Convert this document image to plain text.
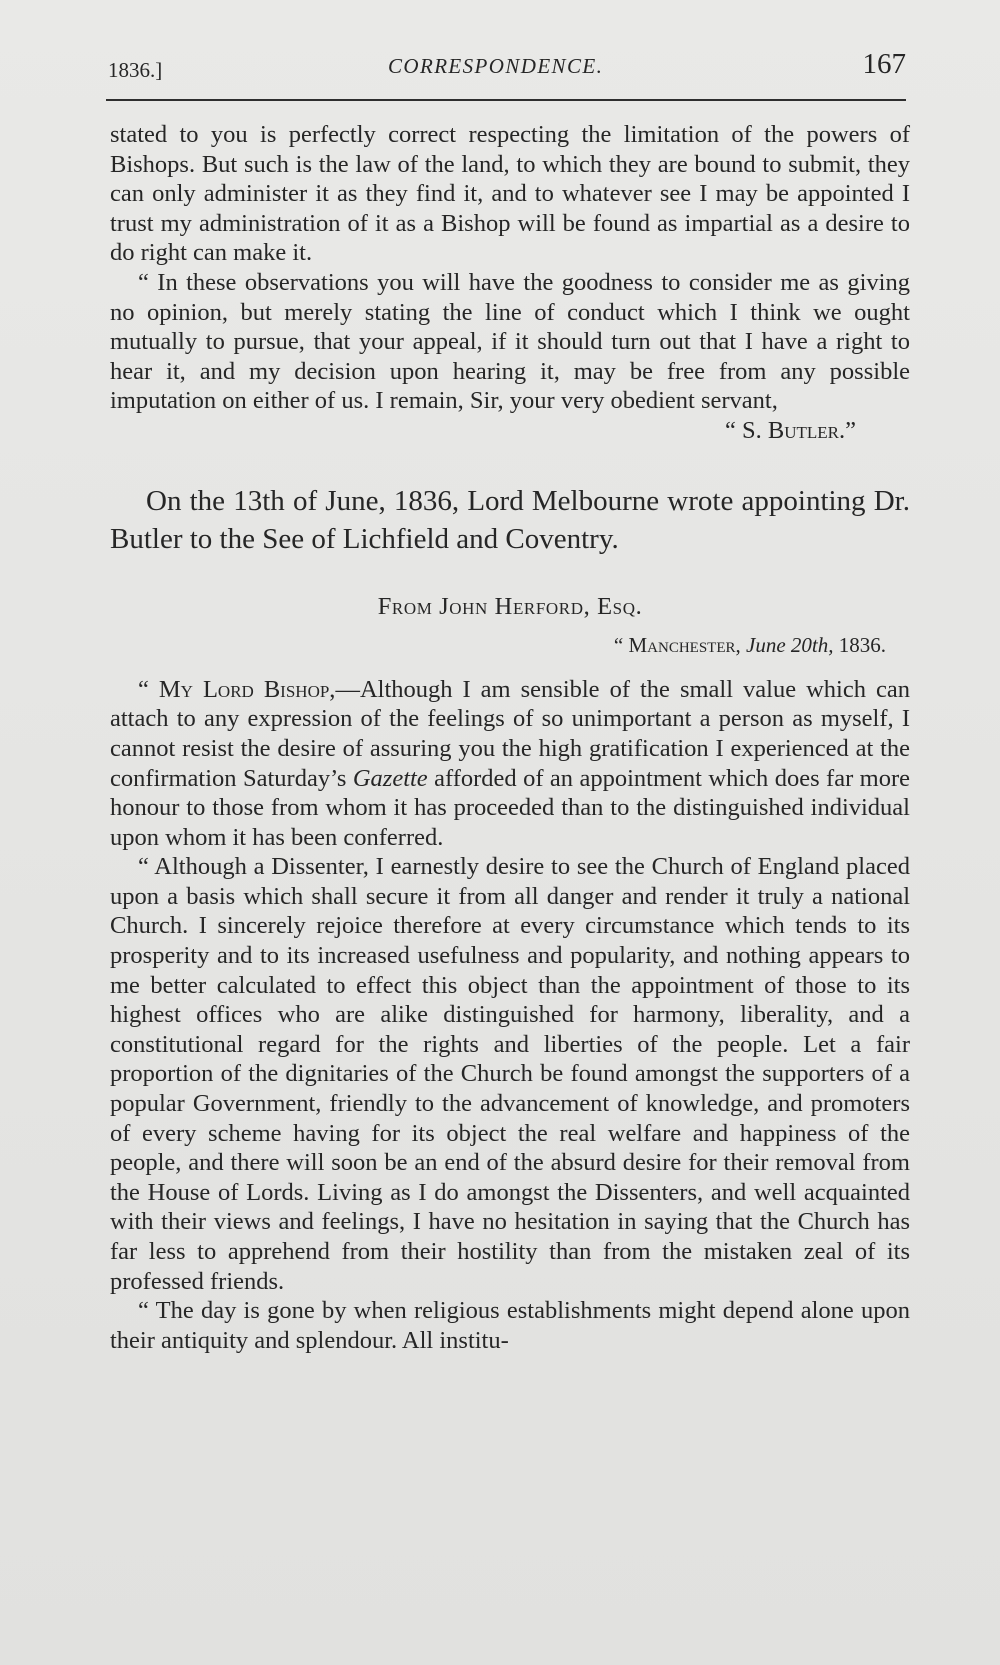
1836.]	CORRESPONDENCE.	167

stated to you is perfectly correct respecting the limitation of the powers of Bishops. But such is the law of the land, to which they are bound to submit, they can only administer it as they find it, and to whatever see I may be appointed I trust my administration of it as a Bishop will be found as impartial as a desire to do right can make it.

“ In these observations you will have the goodness to consider me as giving no opinion, but merely stating the line of conduct which I think we ought mutually to pursue, that your appeal, if it should turn out that I have a right to hear it, and my decision upon hearing it, may be free from any possible imputation on either of us. I remain, Sir, your very obedient servant,

“ S. Butler.”

On the 13th of June, 1836, Lord Melbourne wrote appointing Dr. Butler to the See of Lichfield and Coventry.

From John Herford, Esq.

“ Manchester, June 20th, 1836.

“ My Lord Bishop,—Although I am sensible of the small value which can attach to any expression of the feelings of so unimportant a person as myself, I cannot resist the desire of assuring you the high gratification I experienced at the confirmation Saturday’s Gazette afforded of an appointment which does far more honour to those from whom it has proceeded than to the distinguished individual upon whom it has been conferred.

“ Although a Dissenter, I earnestly desire to see the Church of England placed upon a basis which shall secure it from all danger and render it truly a national Church. I sincerely rejoice therefore at every circumstance which tends to its prosperity and to its increased usefulness and popularity, and nothing appears to me better calculated to effect this object than the appointment of those to its highest offices who are alike distinguished for harmony, liberality, and a constitutional regard for the rights and liberties of the people. Let a fair proportion of the dignitaries of the Church be found amongst the supporters of a popular Government, friendly to the advancement of knowledge, and promoters of every scheme having for its object the real welfare and happiness of the people, and there will soon be an end of the absurd desire for their removal from the House of Lords. Living as I do amongst the Dissenters, and well acquainted with their views and feelings, I have no hesitation in saying that the Church has far less to apprehend from their hostility than from the mistaken zeal of its professed friends.

“ The day is gone by when religious establishments might depend alone upon their antiquity and splendour. All institu-
